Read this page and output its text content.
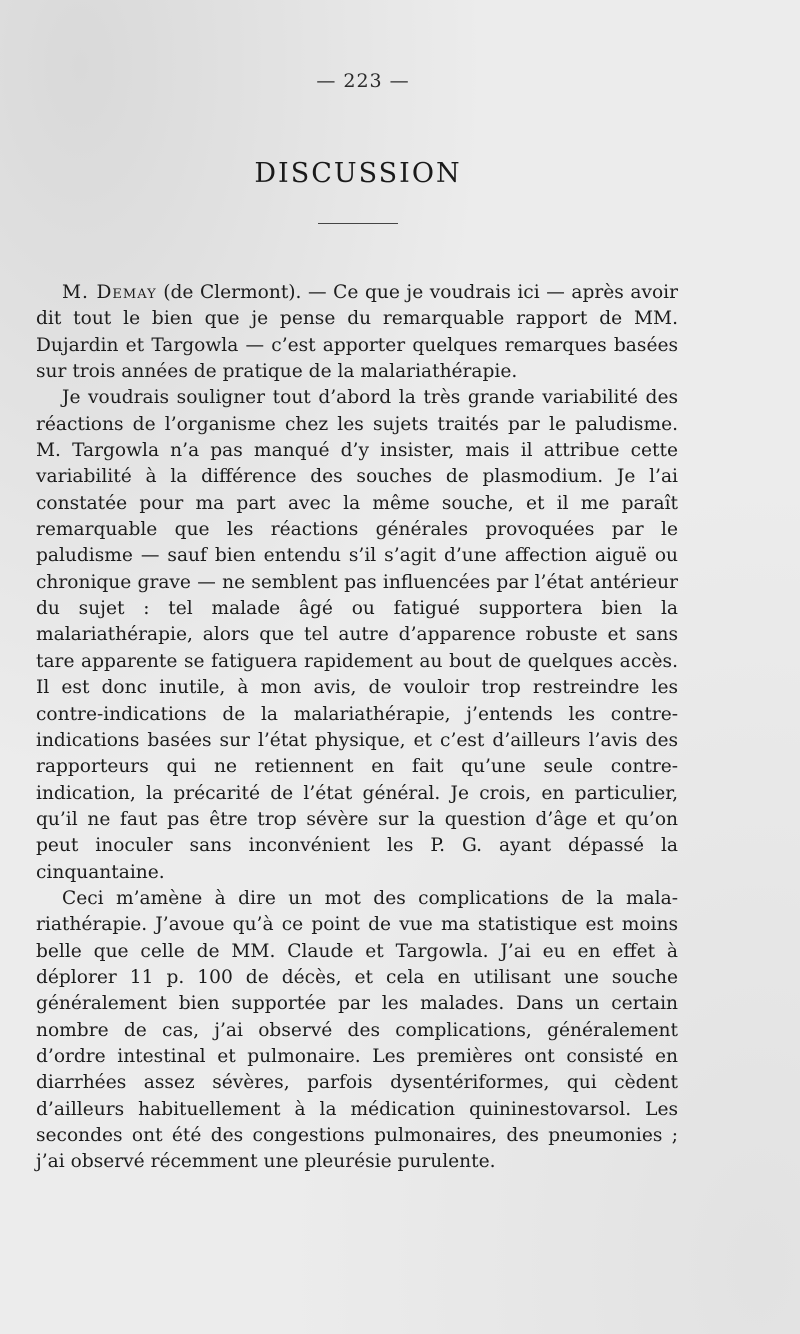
— 223 —
DISCUSSION

M. Demay (de Clermont). — Ce que je voudrais ici — après avoir dit tout le bien que je pense du remarquable rapport de MM. Dujardin et Targowla — c’est apporter quelques remarques basées sur trois années de pratique de la malariathérapie.

Je voudrais souligner tout d’abord la très grande variabilité des réactions de l’organisme chez les sujets traités par le paludisme. M. Targowla n’a pas manqué d’y insister, mais il attribue cette variabilité à la différence des souches de plasmodium. Je l’ai constatée pour ma part avec la même souche, et il me paraît remarquable que les réactions générales provoquées par le paludisme — sauf bien entendu s’il s’agit d’une affection aiguë ou chronique grave — ne semblent pas influencées par l’état antérieur du sujet : tel malade âgé ou fatigué supportera bien la malariathérapie, alors que tel autre d’apparence robuste et sans tare apparente se fatiguera rapidement au bout de quelques accès. Il est donc inutile, à mon avis, de vouloir trop restreindre les contre-indications de la malariathérapie, j’entends les contre-indications basées sur l’état physique, et c’est d’ailleurs l’avis des rapporteurs qui ne retiennent en fait qu’une seule contre-indication, la précarité de l’état général. Je crois, en particulier, qu’il ne faut pas être trop sévère sur la question d’âge et qu’on peut inoculer sans inconvénient les P. G. ayant dépassé la cinquantaine.

Ceci m’amène à dire un mot des complications de la malariathérapie. J’avoue qu’à ce point de vue ma statistique est moins belle que celle de MM. Claude et Targowla. J’ai eu en effet à déplorer 11 p. 100 de décès, et cela en utilisant une souche généralement bien supportée par les malades. Dans un certain nombre de cas, j’ai observé des complications, généralement d’ordre intestinal et pulmonaire. Les premières ont consisté en diarrhées assez sévères, parfois dysentériformes, qui cèdent d’ailleurs habituellement à la médication quininestovarsol. Les secondes ont été des congestions pulmonaires, des pneumonies ; j’ai observé récemment une pleurésie purulente.
